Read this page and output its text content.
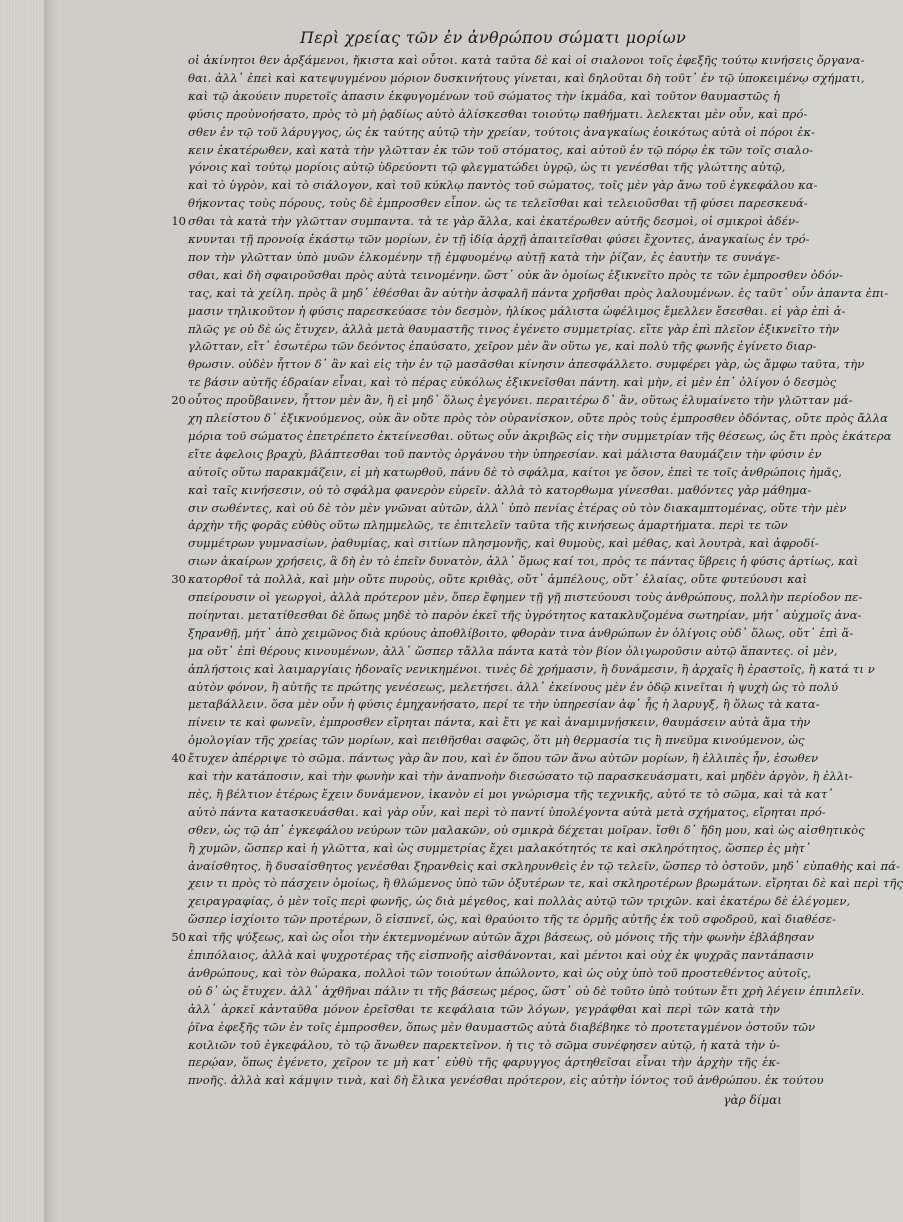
Περὶ χρείας τῶν ἐν ἀνθρώπου σώματι μορίων
οἱ ἀκίνητοι θεν ἀρξάμενοι, ἤκιστα καὶ οὗτοι. κατὰ ταῦτα δὲ καὶ οἱ σιαλονοι τοῖς ἐφεξῆς τούτῳ κινήσεις ὄργανα-
θαι. ἀλλ᾽ ἐπεὶ καὶ κατεψυγμένου μόριον δυσκινήτους γίνεται, καὶ δηλοῦται δὴ τοῦτ᾽ ἐν τῷ ὑποκειμένῳ σχήματι,
καὶ τῷ ἀκούειν πυρετοῖς ἀπασιν ἐκφυγομένων τοῦ σώματος τὴν ἰκμάδα, καὶ τοῦτον θαυμαστῶς ἡ
φύσις προὐνοήσατο, πρὸς τὸ μὴ ῥᾳδίως αὐτὸ ἁλίσκεσθαι τοιούτῳ παθήματι. λελεκται μὲν οὖν, καὶ πρό-
σθεν ἐν τῷ τοῦ λάρυγγος, ὡς ἐκ ταύτης αὐτῷ τὴν χρείαν, τούτοις ἀναγκαίως ἐοικότως αὐτὰ οἱ πόροι ἐκ-
κειν ἐκατέρωθεν, καὶ κατὰ τὴν γλῶτταν ἐκ τῶν τοῦ στόματος, καὶ αὐτοῦ ἐν τῷ πόρῳ ἐκ τῶν τοῖς σιαλο-
γόνοις καὶ τούτῳ μορίοις αὐτῷ ὑδρεύοντι τῷ φλεγματώδει ὑγρῷ, ὡς τι γενέσθαι τῆς γλώττης αὐτῷ,
καὶ τὸ ὑγρὸν, καὶ τὸ σιάλογον, καὶ τοῦ κύκλῳ παντὸς τοῦ σώματος, τοῖς μὲν γὰρ ἄνω τοῦ ἐγκεφάλου κα-
θήκοντας τοὺς πόρους, τοὺς δὲ ἐμπροσθεν εἶπον. ὡς τε τελεῖσθαι καὶ τελειοῦσθαι τῇ φύσει παρεσκευά-
σθαι τὰ κατὰ τὴν γλῶτταν συμπαντα. τὰ τε γὰρ ἄλλα, καὶ ἐκατέρωθεν αὐτῆς δεσμοὶ, οἱ σμικροὶ ἀδέν-
10
κνυνται τῇ προνοίᾳ ἐκάστῳ τῶν μορίων, ἐν τῇ ἰδίᾳ ἀρχῇ ἀπαιτεῖσθαι φύσει ἔχοντες, ἀναγκαίως ἐν τρό-
πον τὴν γλῶτταν ὑπὸ μυῶν ἑλκομένην τῇ ἐμφυομένῳ αὐτῇ κατὰ τὴν ῥίζαν, ἐς ἑαυτὴν τε συνάγε-
σθαι, καὶ δὴ σφαιροῦσθαι πρὸς αὐτὰ τεινομένην. ὥστ᾽ οὐκ ἂν ὁμοίως ἐξικνεῖτο πρὸς τε τῶν ἐμπροσθεν ὀδόν-
τας, καὶ τὰ χείλη. πρὸς ἃ μηδ᾽ ἐθέσθαι ἂν αὐτὴν ἀσφαλῆ πάντα χρῆσθαι πρὸς λαλουμένων. ἐς ταῦτ᾽ οὖν ἀπαντα ἐπι-
μασιν τηλικοῦτον ἡ φύσις παρεσκεύασε τὸν δεσμὸν, ἡλίκος μάλιστα ὠφέλιμος ἔμελλεν ἔσεσθαι. εἰ γὰρ ἐπὶ ἀ-
πλῶς γε οὐ δὲ ὡς ἔτυχεν, ἀλλὰ μετὰ θαυμαστῆς τινος ἐγένετο συμμετρίας. εἴτε γὰρ ἐπὶ πλεῖον ἐξικνεῖτο τὴν
γλῶτταν, εἴτ᾽ ἐσωτέρω τῶν δεόντος ἐπαύσατο, χεῖρον μὲν ἂν οὕτω γε, καὶ πολὺ τῆς φωνῆς ἐγίνετο διαρ-
θρωσιν. οὐδὲν ἧττον δ᾽ ἂν καὶ εἰς τὴν ἐν τῷ μασᾶσθαι κίνησιν ἀπεσφάλλετο. συμφέρει γὰρ, ὡς ἄμφω ταῦτα, τὴν
τε βάσιν αὐτῆς ἑδραίαν εἶναι, καὶ τὸ πέρας εὐκόλως ἐξικνεῖσθαι πάντη. καὶ μὴν, εἰ μὲν ἐπ᾽ ὀλίγον ὁ δεσμὸς
οὗτος προὔβαινεν, ἧττον μὲν ἂν, ἢ εἰ μηδ᾽ ὅλως ἐγεγόνει. περαιτέρω δ᾽ ἂν, οὕτως ἐλυμαίνετο τὴν γλῶτταν μά-
20
χη πλείστου δ᾽ ἐξικνούμενος, οὐκ ἂν οὔτε πρὸς τὸν οὐρανίσκον, οὔτε πρὸς τοὺς ἐμπροσθεν ὀδόντας, οὔτε πρὸς ἄλλα
μόρια τοῦ σώματος ἐπετρέπετο ἐκτείνεσθαι. οὕτως οὖν ἀκριβῶς εἰς τὴν συμμετρίαν τῆς θέσεως, ὡς ἔτι πρὸς ἑκάτερα
εἴτε ἀφελοις βραχὺ, βλάπτεσθαι τοῦ παντὸς ὀργάνου τὴν ὑπηρεσίαν. καὶ μάλιστα θαυμάζειν τὴν φύσιν ἐν
αὐτοῖς οὕτω παρακμάζειν, εἰ μὴ κατωρθοῦ, πάνυ δὲ τὸ σφάλμα, καίτοι γε ὅσον, ἐπεὶ τε τοῖς ἀνθρώποις ἡμᾶς,
καὶ ταῖς κινήσεσιν, οὐ τὸ σφάλμα φανερὸν εὑρεῖν. ἀλλὰ τὸ κατορθωμα γίνεσθαι. μαθόντες γὰρ μάθημα-
σιν σωθέντες, καὶ οὐ δὲ τὸν μὲν γνῶναι αὐτῶν, ἀλλ᾽ ὑπὸ πενίας ἑτέρας οὐ τὸν διακαμπτομένας, οὔτε τὴν μὲν
ἀρχὴν τῆς φορᾶς εὐθὺς οὕτω πλημμελῶς, τε ἐπιτελεῖν ταῦτα τῆς κινήσεως ἀμαρτήματα. περὶ τε τῶν
συμμέτρων γυμνασίων, ῥαθυμίας, καὶ σιτίων πλησμονῆς, καὶ θυμοὺς, καὶ μέθας, καὶ λουτρὰ, καὶ ἀφροδί-
σιων ἀκαίρων χρήσεις, ἃ δὴ ἐν τὸ ἐπεῖν δυνατὸν, ἀλλ᾽ ὅμως καί τοι, πρὸς τε πάντας ὕβρεις ἡ φύσις ἀρτίως, καὶ
κατορθοῖ τὰ πολλὰ, καὶ μὴν οὔτε πυροὺς, οὔτε κριθὰς, οὔτ᾽ ἀμπέλους, οὔτ᾽ ἐλαίας, οὔτε φυτεύουσι καὶ
30
σπείρουσιν οἱ γεωργοὶ, ἀλλὰ πρότερον μὲν, ὅπερ ἔφημεν τῇ γῇ πιστεύουσι τοὺς ἀνθρώπους, πολλὴν περίοδον πε-
ποίηνται. μετατίθεσθαι δὲ ὅπως μηδὲ τὸ παρὸν ἐκεῖ τῆς ὑγρότητος κατακλυζομένα σωτηρίαν, μήτ᾽ αὐχμοῖς ἀνα-
ξηρανθῇ, μήτ᾽ ἀπὸ χειμῶνος διὰ κρύους ἀποθλίβοιτο, φθορὰν τινα ἀνθρώπων ἐν ὀλίγοις οὐδ᾽ ὅλως, οὔτ᾽ ἐπὶ ἅ-
μα οὔτ᾽ ἐπὶ θέρους κινουμένων, ἀλλ᾽ ὥσπερ τἄλλα πάντα κατὰ τὸν βίον ὀλιγωροῦσιν αὐτῷ ἅπαντες. οἱ μὲν,
ἀπλήστοις καὶ λαιμαργίαις ἡδοναῖς νενικημένοι. τινὲς δὲ χρήμασιν, ἢ δυνάμεσιν, ἢ ἀρχαῖς ἢ ἐραστοῖς, ἢ κατά τι ν
αὐτὸν φόνον, ἢ αὐτῆς τε πρώτης γενέσεως, μελετήσει. ἀλλ᾽ ἐκείνους μὲν ἐν ὁδῷ κινεῖται ἡ ψυχὴ ὡς τὸ πολύ
μεταβάλλειν. ὅσα μὲν οὖν ἡ φύσις ἐμηχανήσατο, περί τε τὴν ὑπηρεσίαν ἀφ᾽ ἧς ἡ λαρυγξ, ἢ ὅλως τὰ κατα-
πίνειν τε καὶ φωνεῖν, ἐμπροσθεν εἴρηται πάντα, καὶ ἔτι γε καὶ ἀναμιμνῄσκειν, θαυμάσειν αὐτὰ ἄμα τὴν
ὁμολογίαν τῆς χρείας τῶν μορίων, καὶ πειθῆσθαι σαφῶς, ὅτι μὴ θερμασία τις ἢ πνεῦμα κινούμενον, ὡς
ἔτυχεν ἀπέρριψε τὸ σῶμα. πάντως γὰρ ἂν που, καὶ ἐν ὅπου τῶν ἄνω αὐτῶν μορίων, ἢ ἐλλιπὲς ἦν, ἐσωθεν
40
καὶ τὴν κατάποσιν, καὶ τὴν φωνὴν καὶ τὴν ἀναπνοὴν διεσώσατο τῷ παρασκευάσματι, καὶ μηδὲν ἀργὸν, ἢ ἐλλι-
πὲς, ἢ βέλτιον ἑτέρως ἔχειν δυνάμενον, ἱκανὸν εἰ μοι γνώρισμα τῆς τεχνικῆς, αὐτό τε τὸ σῶμα, καὶ τὰ κατ᾽
αὐτὸ πάντα κατασκευάσθαι. καὶ γὰρ οὖν, καὶ περὶ τὸ παντί ὑπολέγοντα αὐτὰ μετὰ σχήματος, εἴρηται πρό-
σθεν, ὡς τῷ ἀπ᾽ ἐγκεφάλου νεύρων τῶν μαλακῶν, οὐ σμικρὰ δέχεται μοῖραν. ἴσθι δ᾽ ἤδη μου, καὶ ὡς αἰσθητικὸς
ἢ χυμῶν, ὥσπερ καὶ ἡ γλῶττα, καὶ ὡς συμμετρίας ἔχει μαλακότητός τε καὶ σκληρότητος, ὥσπερ ἐς μὴτ᾽
ἀναίσθητος, ἢ δυσαίσθητος γενέσθαι ξηρανθεὶς καὶ σκληρυνθεὶς ἐν τῷ τελεῖν, ὥσπερ τὸ ὀστοῦν, μηδ᾽ εὐπαθὴς καὶ πά-
χειν τι πρὸς τὸ πάσχειν ὁμοίως, ἢ θλώμενος ὑπὸ τῶν ὀξυτέρων τε, καὶ σκληροτέρων βρωμάτων. εἴρηται δὲ καὶ περὶ τῆς
χειραγραφίας, ὁ μὲν τοῖς περὶ φωνῆς, ὡς διὰ μέγεθος, καὶ πολλὰς αὐτῷ τῶν τριχῶν. καὶ ἐκατέρω δὲ ἐλέγομεν,
ὥσπερ ἰσχίοιτο τῶν προτέρων, ὃ εἰσπνεῖ, ὡς, καὶ θραύοιτο τῆς τε ὁρμῆς αὐτῆς ἐκ τοῦ σφοδροῦ, καὶ διαθέσε-
καὶ τῆς ψύξεως, καὶ ὡς οἷοι τὴν ἐκτεμνομένων αὐτῶν ἄχρι βάσεως, οὐ μόνοις τῆς τὴν φωνὴν ἐβλάβησαν
50
ἐπιπόλαιος, ἀλλὰ καὶ ψυχροτέρας τῆς εἰσπνοῆς αἰσθάνονται, καὶ μέντοι καὶ οὐχ ἐκ ψυχρᾶς παντάπασιν
ἀνθρώπους, καὶ τὸν θώρακα, πολλοὶ τῶν τοιούτων ἀπώλοντο, καὶ ὡς οὐχ ὑπὸ τοῦ προστεθέντος αὐτοῖς,
οὐ δ᾽ ὡς ἔτυχεν. ἀλλ᾽ ἀχθῆναι πάλιν τι τῆς βάσεως μέρος, ὥστ᾽ οὐ δὲ τοῦτο ὑπὸ τούτων ἔτι χρὴ λέγειν ἐπιπλεῖν.
ἀλλ᾽ ἀρκεῖ κἀνταῦθα μόνον ἐρεῖσθαι τε κεφάλαια τῶν λόγων, γεγράφθαι καὶ περὶ τῶν κατὰ τὴν
ῥῖνα ἐφεξῆς τῶν ἐν τοῖς ἐμπροσθεν, ὅπως μὲν θαυμαστῶς αὐτὰ διαβέβηκε τὸ προτεταγμένον ὀστοῦν τῶν
κοιλιῶν τοῦ ἐγκεφάλου, τὸ τῷ ἄνωθεν παρεκτεῖνον. ἡ τις τὸ σῶμα συνέφησεν αὐτῷ, ἡ κατὰ τὴν ὑ-
περῴαν, ὅπως ἐγένετο, χεῖρον τε μὴ κατ᾽ εὐθὺ τῆς φαρυγγος ἀρτηθεῖσαι εἶναι τὴν ἀρχὴν τῆς ἐκ-
πνοῆς. ἀλλὰ καὶ κάμψιν τινὰ, καὶ δὴ ἔλικα γενέσθαι πρότερον, εἰς αὐτὴν ἰόντος τοῦ ἀνθρώπου. ἐκ τούτου
γὰρ δίμαι
